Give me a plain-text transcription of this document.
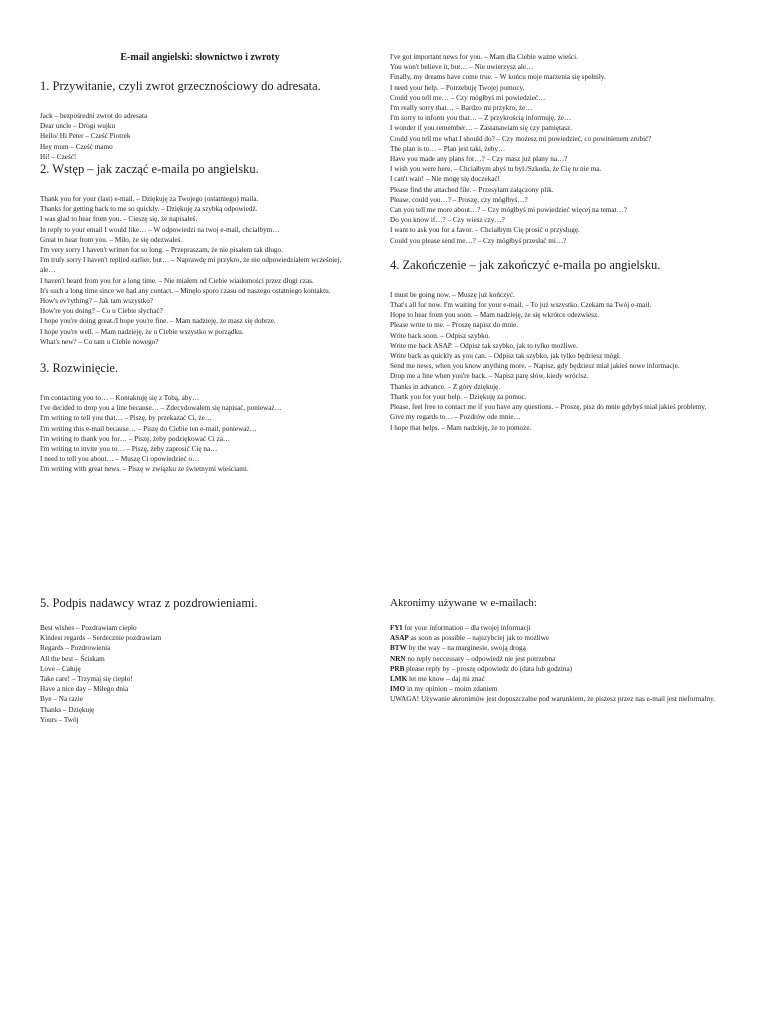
E-mail angielski: słownictwo i zwroty
1. Przywitanie, czyli zwrot grzecznościowy do adresata.
Jack – bezpośredni zwrot do adresata
Dear uncle – Drogi wujku
Hello/ Hi Peter – Cześć Piotrek
Hey mum – Cześć mamo
Hi! – Cześć!
2. Wstęp – jak zacząć e-maila po angielsku.
Thank you for your (last) e-mail. – Dziękuję za Twojego (ostatniego) maila.
Thanks for getting back to me so quickly. – Dziękuję za szybką odpowiedź.
I was glad to hear from you. – Cieszę się, że napisałeś.
In reply to your email I would like… – W odpowiedzi na twoj e-mail, chciałbym…
Great to hear from you. – Miło, że się odezwałeś.
I'm very sorry I haven't written for so long. – Przepraszam, że nie pisałem tak długo.
I'm truly sorry I haven't replied earlier, but… – Naprawdę mi przykro, że nie odpowiedziałem wcześniej, ale…
I haven't heard from you for a long time. – Nie miałem od Ciebie wiadomości przez długi czas.
It's such a long time since we had any contact. – Minęło sporo czasu od naszego ostatniego kontaktu.
How's ev'rything? – Jak tam wszystko?
How're you doing? – Co u Ciebie słychać?
I hope you're doing great./I hope you're fine. – Mam nadzieję, że masz się dobrze.
I hope you're well. – Mam nadzieję, że u Ciebie wszystko w porządku.
What's new? – Co tam u Ciebie nowego?
3. Rozwinięcie.
I'm contacting you to… – Kontaktuję się z Tobą, aby…
I've decided to drop you a line because… – Zdecydowałem się napisać, ponieważ…
I'm writing to tell you that… – Piszę, by przekazać Ci, że…
I'm writing this e-mail because… – Piszę do Ciebie ten e-mail, ponieważ…
I'm writing to thank you for… – Piszę, żeby podziękować Ci za…
I'm writing to invite you to… – Piszę, żeby zaprosić Cię na…
I need to tell you about… – Muszę Ci opowiedzieć o…
I'm writing with great news. – Piszę w związku ze świetnymi wieściami.
I've got important news for you. – Mam dla Ciebie ważne wieści.
You won't believe it, but… – Nie uwierzysz ale…
Finally, my dreams have come true. – W końcu moje marzenia się spełniły.
I need your help. – Potrzebuję Twojej pomocy.
Could you tell me… – Czy mógłbyś mi powiedzieć…
I'm really sorry that… – Bardzo mi przykro, że…
I'm sorry to inform you that… – Z przykrością informuję, że…
I wonder if you remember… – Zastanawiam się czy pamiętasz.
Could you tell me what I should do? – Czy możesz mi powiedzieć, co powinienem zrobić?
The plan is to… – Plan jest taki, żeby…
Have you made any plans for…? – Czy masz już plany na…?
I wish you were here. – Chciałbym abyś tu był./Szkoda, że Cię tu nie ma.
I can't wait! – Nie mogę się doczekać!
Please find the attached file. – Przesyłam załączony plik.
Please, could you…? – Proszę, czy mógłbyś…?
Can you tell me more about…? – Czy mógłbyś mi powiedzieć więcej na temat…?
Do you know if…? – Czy wiesz czy…?
I want to ask you for a favor. – Chciałbym Cię prosić o przysługę.
Could you please send me…? – Czy mógłbyś przesłać mi…?
4. Zakończenie – jak zakończyć e-maila po angielsku.
I must be going now. – Muszę już kończyć.
That's all for now. I'm waiting for your e-mail. – To już wszystko. Czekam na Twój e-mail.
Hope to hear from you soon. – Mam nadzieję, że się wkrótce odezwiesz.
Please write to me. – Proszę napisz do mnie.
Write back soon. – Odpisz szybko.
Write me back ASAP. – Odpisz tak szybko, jak to tylko możliwe.
Write back as quickly as you can. – Odpisz tak szybko, jak tylko będziesz mógł.
Send me news, when you know anything more. – Napisz, gdy będziesz miał jakieś nowe informacje.
Drop me a line when you're back. – Napisz parę słów, kiedy wrócisz.
Thanks in advance. – Z góry dziękuję.
Thank you for your help. – Dziękuję za pomoc.
Please, feel free to contact me if you have any questions. – Proszę, pisz do mnie gdybyś miał jakieś problemy.
Give my regards to… – Pozdrów ode mnie…
I hope that helps. – Mam nadzieję, że to pomoże.
5. Podpis nadawcy wraz z pozdrowieniami.
Best wishes – Pozdrawiam ciepło
Kindest regards – Serdecznie pozdrawiam
Regards – Pozdrowienia
All the best – Ściskam
Love – Całuję
Take care! – Trzymaj się ciepło!
Have a nice day – Miłego dnia
Bye – Na razie
Thanks – Dziękuję
Yours – Twój
Akronimy używane w e-mailach:
FYI for your information – dla twojej informacji
ASAP as soon as possible – najszybciej jak to możliwe
BTW by the way – na marginesie, swoją drogą
NRN no reply neccessary – odpowiedź nie jest potrzebna
PRB please reply by – proszę odpowiedz do (data lub godzina)
LMK let me know – daj mi znać
IMO in my opinion – moim zdaniem
UWAGA! Używanie akronimów jest dopuszczalne pod warunkiem, że piszesz przez nas e-mail jest nieformalny.
